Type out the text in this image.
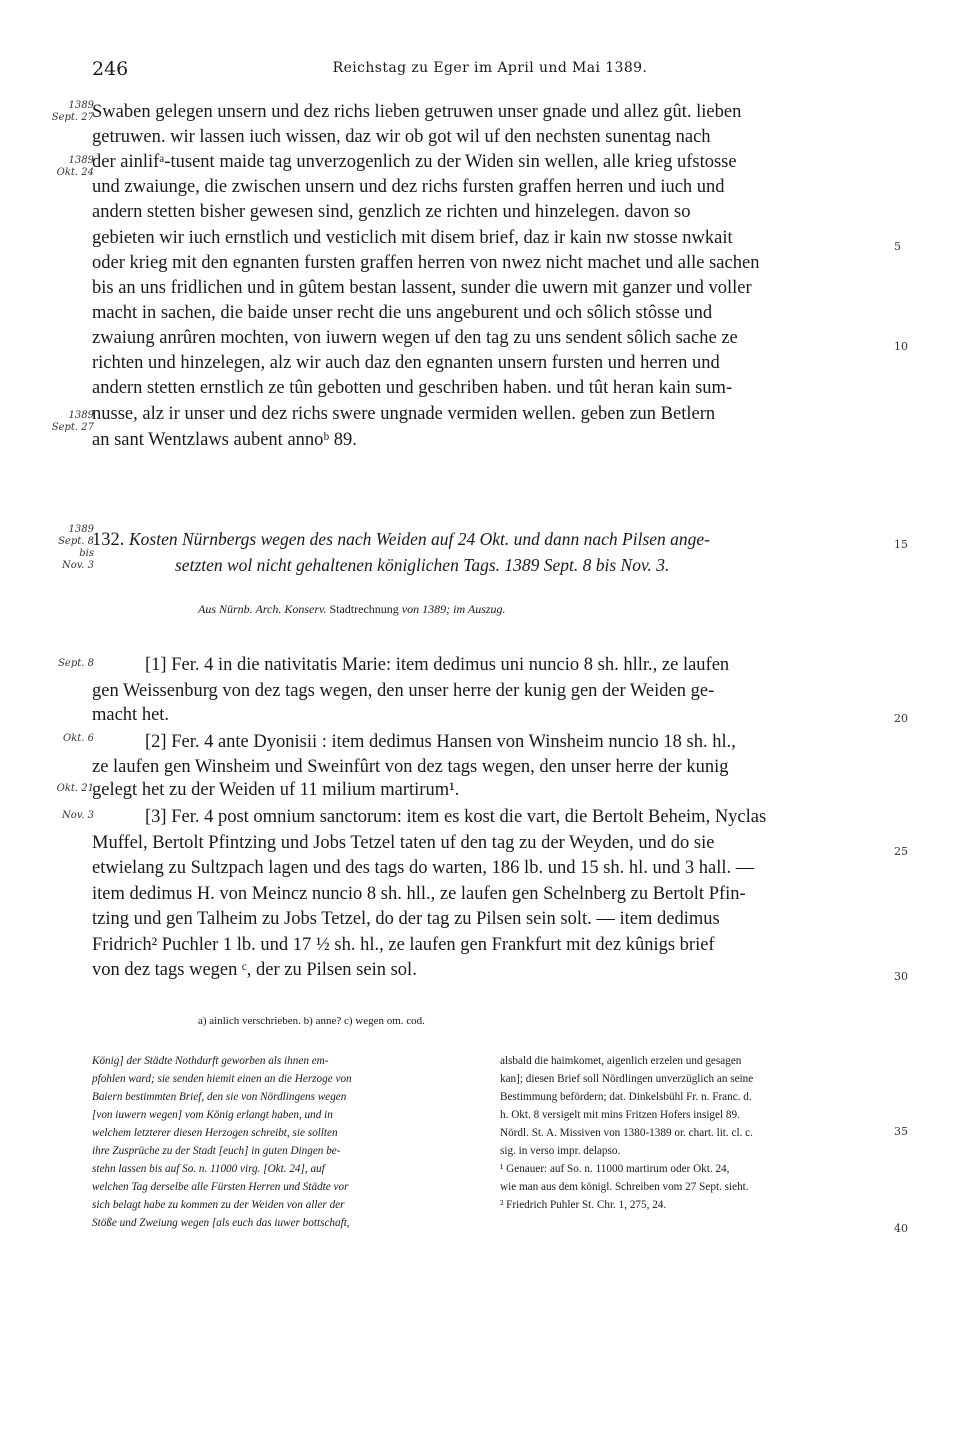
246	Reichstag zu Eger im April und Mai 1389.
1389
Sept. 27
1389
Okt. 24
1389
Sept. 27
1389
Sept. 8
bis
Nov. 3
Sept. 8
Okt. 6
Okt. 21
Nov. 3
5
10
15
20
25
30
35
40
Swaben gelegen unsern und dez richs lieben getruwen unser gnade und allez gût. lieben
getruwen. wir lassen iuch wissen, daz wir ob got wil uf den nechsten sunentag nach
der ainlifᵃ-tusent maide tag unverzogenlich zu der Widen sin wellen, alle krieg ufstosse
und zwaiunge, die zwischen unsern und dez richs fursten graffen herren und iuch und
andern stetten bisher gewesen sind, genzlich ze richten und hinzelegen. davon so
gebieten wir iuch ernstlich und vesticlich mit disem brief, daz ir kain nw stosse nwkait
oder krieg mit den egnanten fursten graffen herren von nwez nicht machet und alle sachen
bis an uns fridlichen und in gûtem bestan lassent, sunder die uwern mit ganzer und voller
macht in sachen, die baide unser recht die uns angeburent und och sôlich stôsse und
zwaiung anrûren mochten, von iuwern wegen uf den tag zu uns sendent sôlich sache ze
richten und hinzelegen, alz wir auch daz den egnanten unsern fursten und herren und
andern stetten ernstlich ze tûn gebotten und geschriben haben. und tût heran kain sum-
nusse, alz ir unser und dez richs swere ungnade vermiden wellen. geben zun Betlern
an sant Wentzlaws aubent annoᵇ 89.
132. Kosten Nürnbergs wegen des nach Weiden auf 24 Okt. und dann nach Pilsen ange-
setzten wol nicht gehaltenen königlichen Tags. 1389 Sept. 8 bis Nov. 3.
Aus Nürnb. Arch. Konserv. Stadtrechnung von 1389; im Auszug.
[1] Fer. 4 in die nativitatis Marie: item dedimus uni nuncio 8 sh. hllr., ze laufen
gen Weissenburg von dez tags wegen, den unser herre der kunig gen der Weiden ge-
macht het.
[2] Fer. 4 ante Dyonisii : item dedimus Hansen von Winsheim nuncio 18 sh. hl.,
ze laufen gen Winsheim und Sweinfûrt von dez tags wegen, den unser herre der kunig
gelegt het zu der Weiden uf 11 milium martirum¹.
[3] Fer. 4 post omnium sanctorum: item es kost die vart, die Bertolt Beheim, Nyclas
Muffel, Bertolt Pfintzing und Jobs Tetzel taten uf den tag zu der Weyden, und do sie
etwielang zu Sultzpach lagen und des tags do warten, 186 lb. und 15 sh. hl. und 3 hall. —
item dedimus H. von Meincz nuncio 8 sh. hll., ze laufen gen Schelnberg zu Bertolt Pfin-
tzing und gen Talheim zu Jobs Tetzel, do der tag zu Pilsen sein solt. — item dedimus
Fridrich² Puchler 1 lb. und 17 ½ sh. hl., ze laufen gen Frankfurt mit dez kûnigs brief
von dez tags wegen ᶜ, der zu Pilsen sein sol.
a) ainlich verschrieben. b) anne? c) wegen om. cod.
König] der Städte Nothdurft geworben als ihnen em-
pfohlen ward; sie senden hiemit einen an die Herzoge von
Baiern bestimmten Brief, den sie von Nördlingens wegen
[von iuwern wegen] vom König erlangt haben, und in
welchem letzterer diesen Herzogen schreibt, sie sollten
ihre Zusprüche zu der Stadt [euch] in guten Dingen be-
stehn lassen bis auf So. n. 11000 virg. [Okt. 24], auf
welchen Tag derselbe alle Fürsten Herren und Städte vor
sich belagt habe zu kommen zu der Weiden von aller der
Stöße und Zweiung wegen [als euch das iuwer bottschaft,
alsbald die haimkomet, aigenlich erzelen und gesagen
kan]; diesen Brief soll Nördlingen unverzüglich an seine
Bestimmung befördern; dat. Dinkelsbühl Fr. n. Franc. d.
h. Okt. 8 versigelt mit mins Fritzen Hofers insigel 89.
Nördl. St. A. Missiven von 1380-1389 or. chart. lit. cl. c.
sig. in verso impr. delapso.
¹ Genauer: auf So. n. 11000 martirum oder Okt. 24,
wie man aus dem königl. Schreiben vom 27 Sept. sieht.
² Friedrich Puhler St. Chr. 1, 275, 24.
